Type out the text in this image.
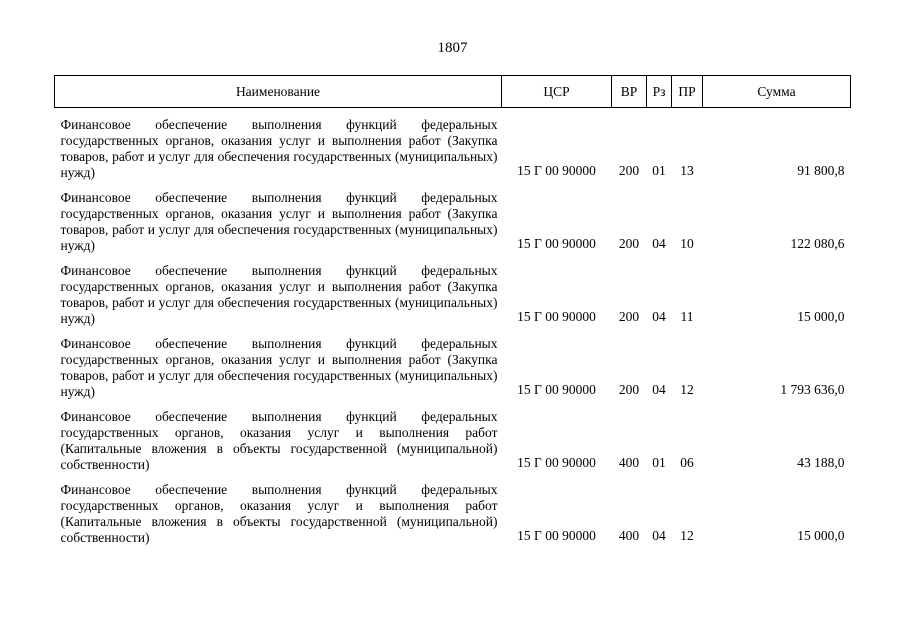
1807
Наименование	ЦСР	ВР	Рз	ПР	Сумма

Финансовое обеспечение выполнения функций федеральных государственных органов, оказания услуг и выполнения работ (Закупка товаров, работ и услуг для обеспечения государственных (муниципальных) нужд)	15 Г 00 90000	200	01	13	91 800,8

Финансовое обеспечение выполнения функций федеральных государственных органов, оказания услуг и выполнения работ (Закупка товаров, работ и услуг для обеспечения государственных (муниципальных) нужд)	15 Г 00 90000	200	04	10	122 080,6

Финансовое обеспечение выполнения функций федеральных государственных органов, оказания услуг и выполнения работ (Закупка товаров, работ и услуг для обеспечения государственных (муниципальных) нужд)	15 Г 00 90000	200	04	11	15 000,0

Финансовое обеспечение выполнения функций федеральных государственных органов, оказания услуг и выполнения работ (Закупка товаров, работ и услуг для обеспечения государственных (муниципальных) нужд)	15 Г 00 90000	200	04	12	1 793 636,0

Финансовое обеспечение выполнения функций федеральных государственных органов, оказания услуг и выполнения работ (Капитальные вложения в объекты государственной (муниципальной) собственности)	15 Г 00 90000	400	01	06	43 188,0

Финансовое обеспечение выполнения функций федеральных государственных органов, оказания услуг и выполнения работ (Капитальные вложения в объекты государственной (муниципальной) собственности)	15 Г 00 90000	400	04	12	15 000,0
